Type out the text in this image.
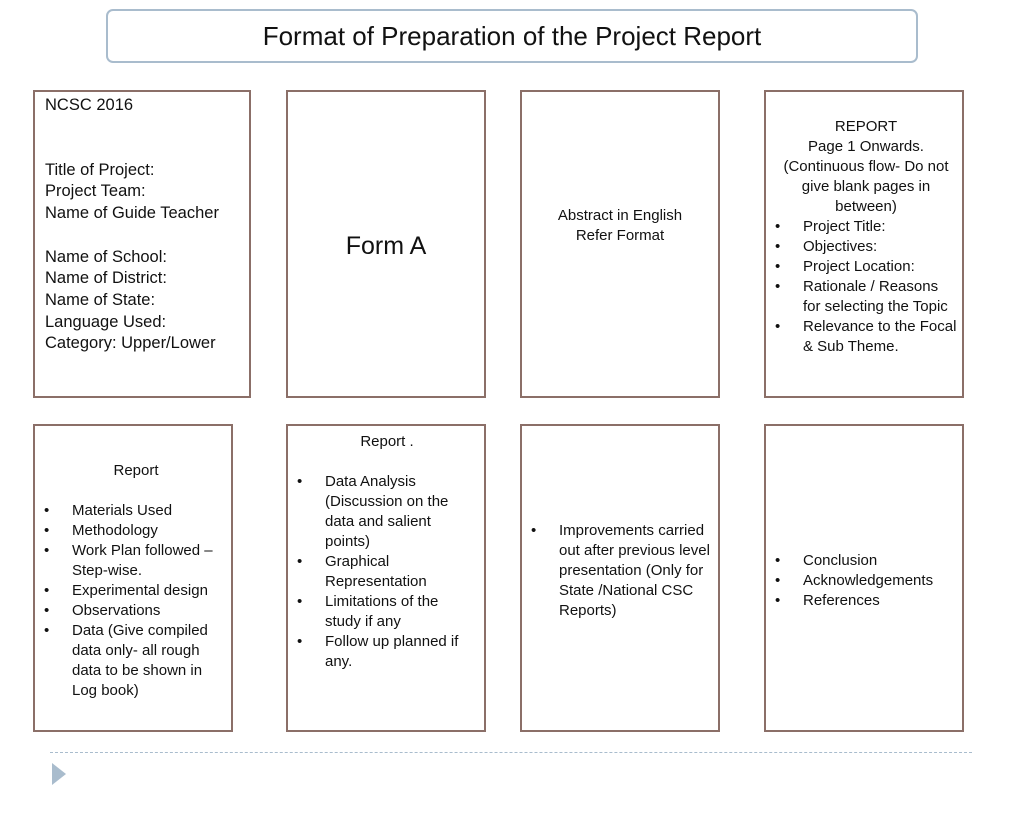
Format of Preparation of the Project Report
NCSC 2016
Title of Project:
Project Team:
Name of Guide Teacher
Name of School:
Name of District:
Name of State:
Language Used:
Category: Upper/Lower
Form A
Abstract in English
Refer Format
REPORT
Page 1 Onwards.
(Continuous flow- Do not give blank pages in between)
• Project Title:
• Objectives:
• Project Location:
• Rationale / Reasons for selecting the Topic
• Relevance to the Focal & Sub Theme.
Report
• Materials Used
• Methodology
• Work Plan followed – Step-wise.
• Experimental design
• Observations
• Data (Give compiled data only- all rough data to be shown in Log book)
Report .
• Data Analysis (Discussion on the data and salient points)
• Graphical Representation
• Limitations of the study if any
• Follow up planned if any.
• Improvements carried out after previous level presentation (Only for State /National CSC Reports)
• Conclusion
• Acknowledgements
• References
